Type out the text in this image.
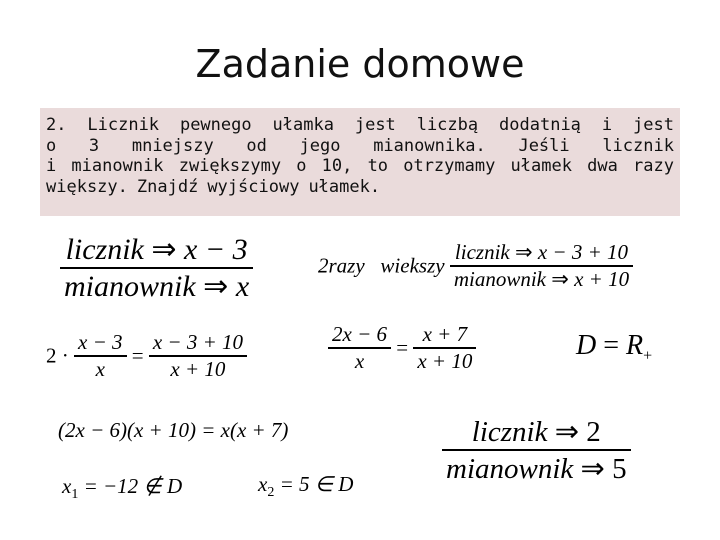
Zadanie domowe
2. Licznik pewnego ułamka jest liczbą dodatnią i jest
o 3 mniejszy od jego mianownika. Jeśli licznik
i mianownik zwiększymy o 10, to otrzymamy ułamek dwa razy
większy. Znajdź wyjściowy ułamek.
$\frac{\text{licznik ⇒ x − 3}}{\text{mianownik ⇒ x}}$	2razy   wiekszy $\frac{\text{licznik ⇒ x − 3 + 10}}{\text{mianownik ⇒ x + 10}}$
$2 \cdot \frac{x - 3}{x} = \frac{x - 3 + 10}{x + 10}$	$\frac{2x - 6}{x} = \frac{x + 7}{x + 10}$	$D = R_+$
(2x − 6)(x + 10) = x(x + 7)
$x_1 = -12$ ∉ D	$x_2 = 5$ ∈ D	$\frac{\text{licznik ⇒ 2}}{\text{mianownik ⇒ 5}}$
